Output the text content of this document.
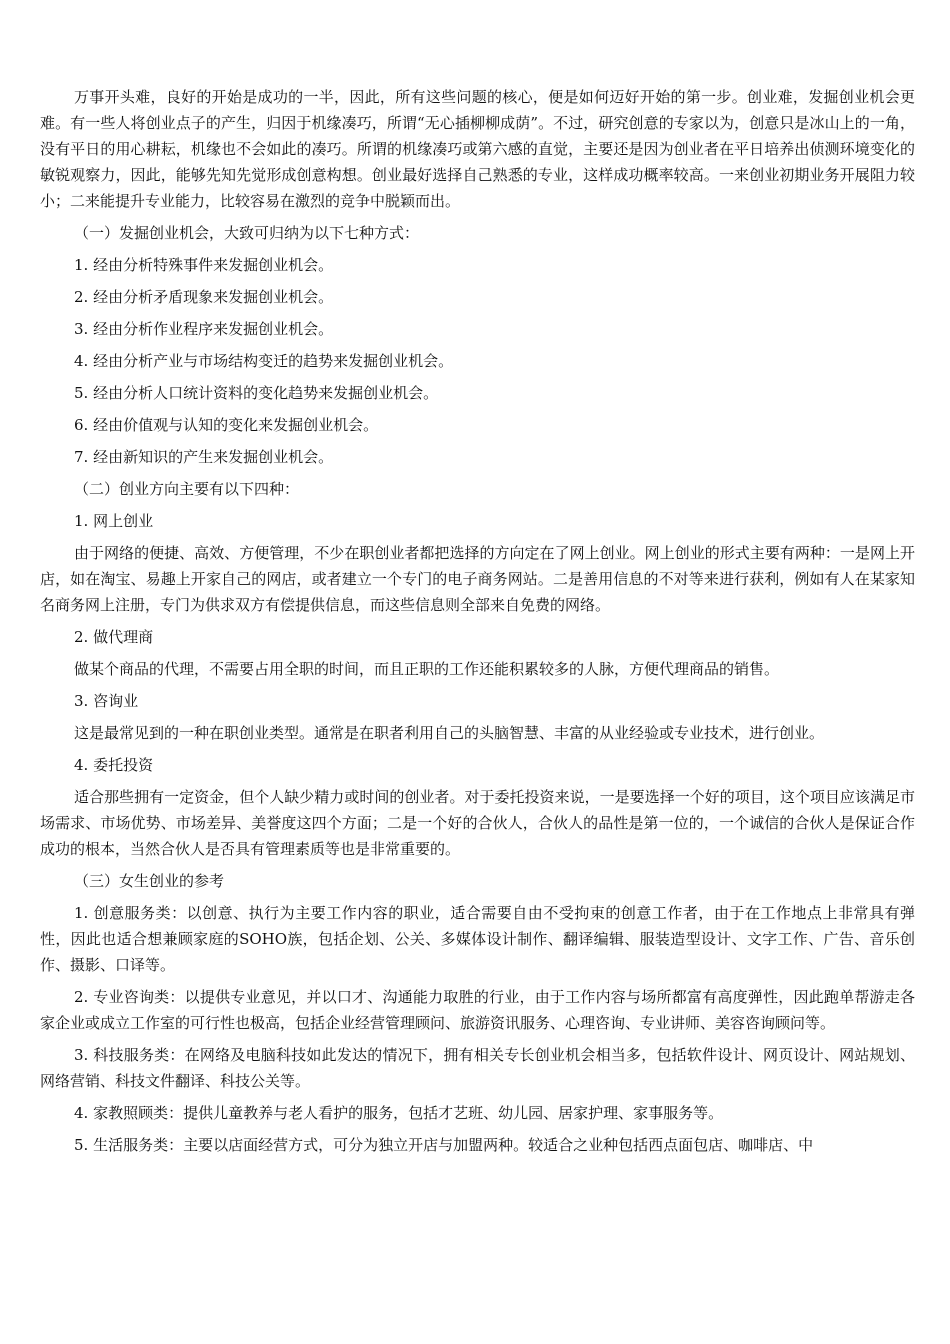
万事开头难，良好的开始是成功的一半，因此，所有这些问题的核心，便是如何迈好开始的第一步。创业难，发掘创业机会更难。有一些人将创业点子的产生，归因于机缘凑巧，所谓“无心插柳柳成荫”。不过，研究创意的专家以为，创意只是冰山上的一角，没有平日的用心耕耘，机缘也不会如此的凑巧。所谓的机缘凑巧或第六感的直觉，主要还是因为创业者在平日培养出侦测环境变化的敏锐观察力，因此，能够先知先觉形成创意构想。创业最好选择自己熟悉的专业，这样成功概率较高。一来创业初期业务开展阻力较小；二来能提升专业能力，比较容易在激烈的竞争中脱颖而出。

（一）发掘创业机会，大致可归纳为以下七种方式：

1. 经由分析特殊事件来发掘创业机会。

2. 经由分析矛盾现象来发掘创业机会。

3. 经由分析作业程序来发掘创业机会。

4. 经由分析产业与市场结构变迁的趋势来发掘创业机会。

5. 经由分析人口统计资料的变化趋势来发掘创业机会。

6. 经由价值观与认知的变化来发掘创业机会。

7. 经由新知识的产生来发掘创业机会。

（二）创业方向主要有以下四种：

1. 网上创业

由于网络的便捷、高效、方便管理，不少在职创业者都把选择的方向定在了网上创业。网上创业的形式主要有两种：一是网上开店，如在淘宝、易趣上开家自己的网店，或者建立一个专门的电子商务网站。二是善用信息的不对等来进行获利，例如有人在某家知名商务网上注册，专门为供求双方有偿提供信息，而这些信息则全部来自免费的网络。

2. 做代理商

做某个商品的代理，不需要占用全职的时间，而且正职的工作还能积累较多的人脉，方便代理商品的销售。

3. 咨询业

这是最常见到的一种在职创业类型。通常是在职者利用自己的头脑智慧、丰富的从业经验或专业技术，进行创业。

4. 委托投资

适合那些拥有一定资金，但个人缺少精力或时间的创业者。对于委托投资来说，一是要选择一个好的项目，这个项目应该满足市场需求、市场优势、市场差异、美誉度这四个方面；二是一个好的合伙人，合伙人的品性是第一位的，一个诚信的合伙人是保证合作成功的根本，当然合伙人是否具有管理素质等也是非常重要的。

（三）女生创业的参考

1. 创意服务类：以创意、执行为主要工作内容的职业，适合需要自由不受拘束的创意工作者，由于在工作地点上非常具有弹性，因此也适合想兼顾家庭的SOHO族，包括企划、公关、多媒体设计制作、翻译编辑、服装造型设计、文字工作、广告、音乐创作、摄影、口译等。

2. 专业咨询类：以提供专业意见，并以口才、沟通能力取胜的行业，由于工作内容与场所都富有高度弹性，因此跑单帮游走各家企业或成立工作室的可行性也极高，包括企业经营管理顾问、旅游资讯服务、心理咨询、专业讲师、美容咨询顾问等。

3. 科技服务类：在网络及电脑科技如此发达的情况下，拥有相关专长创业机会相当多，包括软件设计、网页设计、网站规划、网络营销、科技文件翻译、科技公关等。

4. 家教照顾类：提供儿童教养与老人看护的服务，包括才艺班、幼儿园、居家护理、家事服务等。

5. 生活服务类：主要以店面经营方式，可分为独立开店与加盟两种。较适合之业种包括西点面包店、咖啡店、中
